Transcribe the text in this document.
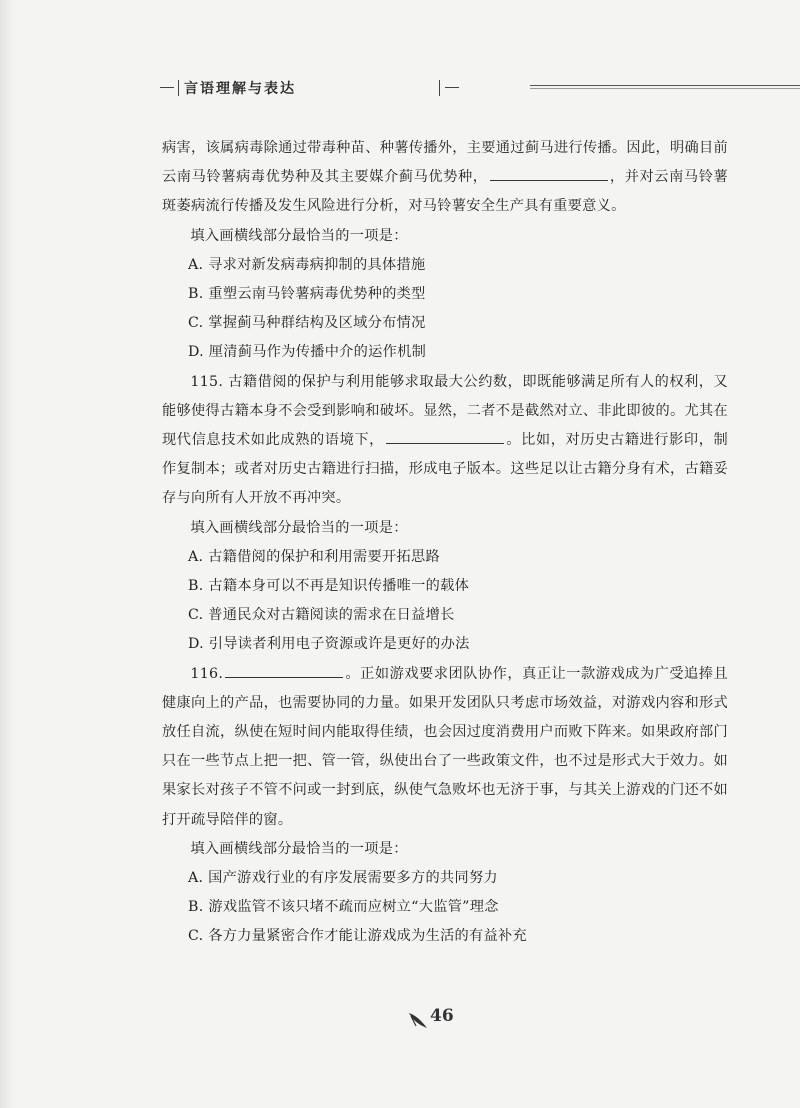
言语理解与表达

病害，该属病毒除通过带毒种苗、种薯传播外，主要通过蓟马进行传播。因此，明确目前云南马铃薯病毒优势种及其主要媒介蓟马优势种，	，并对云南马铃薯斑萎病流行传播及发生风险进行分析，对马铃薯安全生产具有重要意义。

填入画横线部分最恰当的一项是：

A. 寻求对新发病毒病抑制的具体措施

B. 重塑云南马铃薯病毒优势种的类型

C. 掌握蓟马种群结构及区域分布情况

D. 厘清蓟马作为传播中介的运作机制

115. 古籍借阅的保护与利用能够求取最大公约数，即既能够满足所有人的权利，又能够使得古籍本身不会受到影响和破坏。显然，二者不是截然对立、非此即彼的。尤其在现代信息技术如此成熟的语境下，	。比如，对历史古籍进行影印，制作复制本；或者对历史古籍进行扫描，形成电子版本。这些足以让古籍分身有术，古籍妥存与向所有人开放不再冲突。

填入画横线部分最恰当的一项是：

A. 古籍借阅的保护和利用需要开拓思路

B. 古籍本身可以不再是知识传播唯一的载体

C. 普通民众对古籍阅读的需求在日益增长

D. 引导读者利用电子资源或许是更好的办法

116.	。正如游戏要求团队协作，真正让一款游戏成为广受追捧且健康向上的产品，也需要协同的力量。如果开发团队只考虑市场效益，对游戏内容和形式放任自流，纵使在短时间内能取得佳绩，也会因过度消费用户而败下阵来。如果政府部门只在一些节点上把一把、管一管，纵使出台了一些政策文件，也不过是形式大于效力。如果家长对孩子不管不问或一封到底，纵使气急败坏也无济于事，与其关上游戏的门还不如打开疏导陪伴的窗。

填入画横线部分最恰当的一项是：

A. 国产游戏行业的有序发展需要多方的共同努力

B. 游戏监管不该只堵不疏而应树立“大监管”理念

C. 各方力量紧密合作才能让游戏成为生活的有益补充

46
